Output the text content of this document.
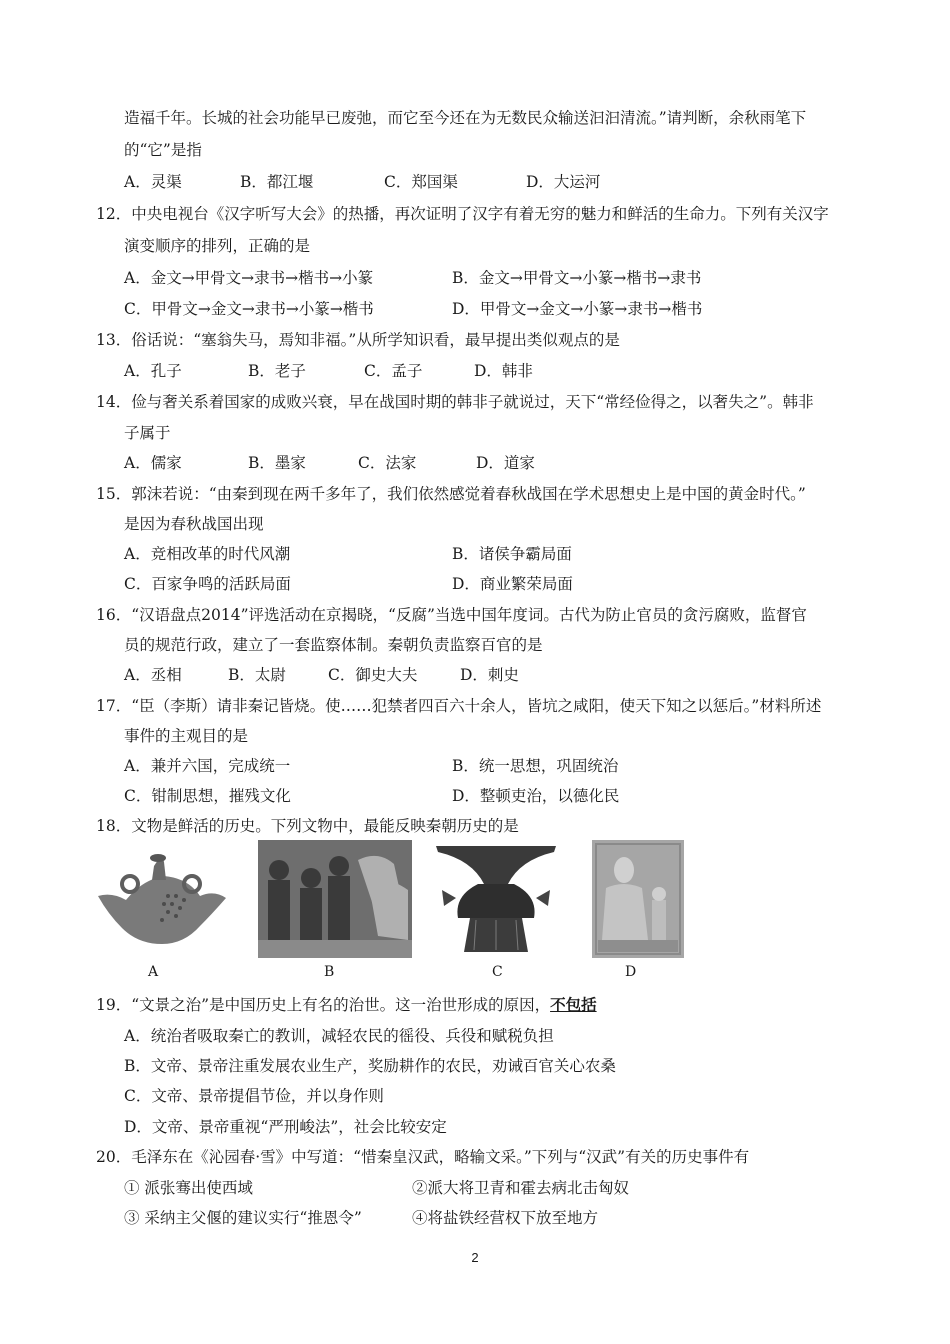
造福千年。长城的社会功能早已废弛，而它至今还在为无数民众输送汩汩清流。”请判断，余秋雨笔下
的“它”是指
A．灵渠	B．都江堰	C．郑国渠	D．大运河
12．中央电视台《汉字听写大会》的热播，再次证明了汉字有着无穷的魅力和鲜活的生命力。下列有关汉字
演变顺序的排列，正确的是
A．金文→甲骨文→隶书→楷书→小篆	B．金文→甲骨文→小篆→楷书→隶书
C．甲骨文→金文→隶书→小篆→楷书	D．甲骨文→金文→小篆→隶书→楷书
13．俗话说：“塞翁失马，焉知非福。”从所学知识看，最早提出类似观点的是
A．孔子	B．老子	C．孟子	D．韩非
14．俭与奢关系着国家的成败兴衰，早在战国时期的韩非子就说过，天下“常经俭得之，以奢失之”。韩非
子属于
A．儒家	B．墨家	C．法家	D．道家
15．郭沫若说：“由秦到现在两千多年了，我们依然感觉着春秋战国在学术思想史上是中国的黄金时代。”
是因为春秋战国出现
A．竞相改革的时代风潮	B．诸侯争霸局面
C．百家争鸣的活跃局面	D．商业繁荣局面
16．“汉语盘点2014”评选活动在京揭晓，“反腐”当选中国年度词。古代为防止官员的贪污腐败，监督官
员的规范行政，建立了一套监察体制。秦朝负责监察百官的是
A．丞相	B．太尉	C．御史大夫	D．刺史
17．“臣（李斯）请非秦记皆烧。使……犯禁者四百六十余人，皆坑之咸阳，使天下知之以惩后。”材料所述
事件的主观目的是
A．兼并六国，完成统一	B．统一思想，巩固统治
C．钳制思想，摧残文化	D．整顿吏治，以德化民
18．文物是鲜活的历史。下列文物中，最能反映秦朝历史的是
A	B	C	D
19．“文景之治”是中国历史上有名的治世。这一治世形成的原因，不包括
A．统治者吸取秦亡的教训，减轻农民的徭役、兵役和赋税负担
B．文帝、景帝注重发展农业生产，奖励耕作的农民，劝诫百官关心农桑
C．文帝、景帝提倡节俭，并以身作则
D．文帝、景帝重视“严刑峻法”，社会比较安定
20．毛泽东在《沁园春·雪》中写道：“惜秦皇汉武，略输文采。”下列与“汉武”有关的历史事件有
① 派张骞出使西域	②派大将卫青和霍去病北击匈奴
③ 采纳主父偃的建议实行“推恩令”	④将盐铁经营权下放至地方
2
